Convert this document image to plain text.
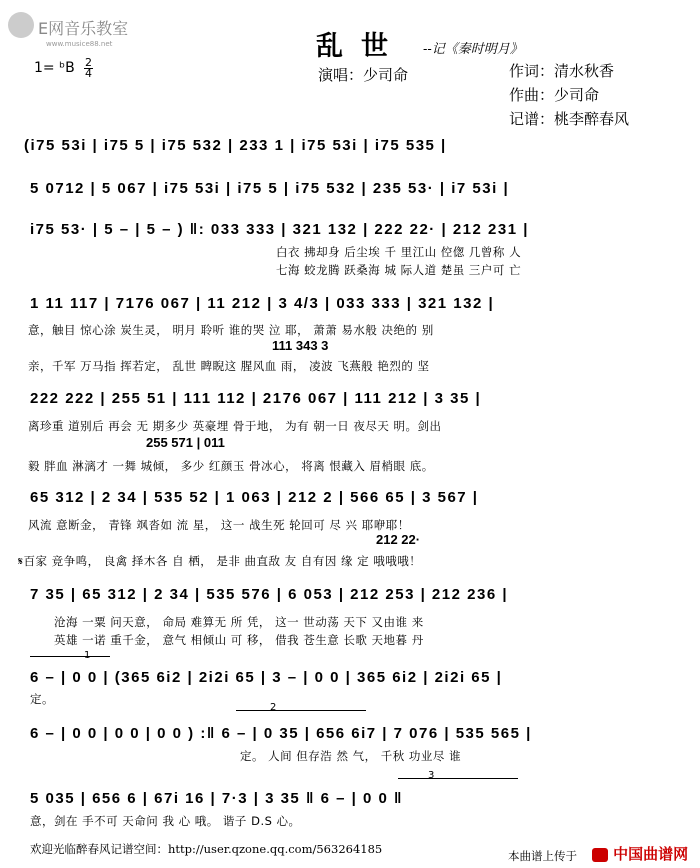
E网音乐教室
www.musice88.net	乱世 --记《秦时明月》
1= ᵇB 2
4	演唱：少司命	作词：清水秋香
作曲：少司命
记谱：桃李醉春风
(i75 53i | i75 5 | i75 532 | 233 1 | i75 53i | i75 535 |
5 0712 | 5 067 | i75 53i | i75 5 | i75 532 | 235 53· | i7 53i |
i75 53· | 5 – | 5 – ) ‖: 033 333 | 321 132 | 222 22· | 212 231 |
白衣 拂却身 后尘埃 千 里江山 倥偬 几曾称 人
七海 蛟龙腾 跃桑海 城 际人道 楚虽 三户可 亡
1 11 117 | 7176 067 | 11 212 | 3 4/3 | 033 333 | 321 132 |
意，触目 惊心涂 炭生灵， 明月 聆听 谁的哭 泣 耶， 萧萧 易水般 决绝的 别
111 343 3
亲，千军 万马指 挥若定， 乱世 睥睨这 腥风血 雨， 凌波 飞燕般 艳烈的 坚
222 222 | 255 51 | 111 112 | 2176 067 | 111 212 | 3 35 |
离珍重 道别后 再会 无 期多少 英豪埋 骨于地， 为有 朝一日 夜尽天 明。剑出
255 571 | 011
毅 胖血 淋漓才 一舞 城倾， 多少 红颜玉 骨冰心， 将离 恨藏入 眉梢眼 底。
65 312 | 2 34 | 535 52 | 1 063 | 212 2 | 566 65 | 3 567 |
风流 意断金， 青锋 飒沓如 流 星， 这一 战生死 轮回可 尽 兴 耶咿耶！
212 22·
𝄋百家 竞争鸣， 良禽 择木各 自 栖， 是非 曲直敌 友 自有因 缘 定 哦哦哦！
7 35 | 65 312 | 2 34 | 535 576 | 6 053 | 212 253 | 212 236 |
沧海 一粟 问天意， 命局 难算无 所 凭， 这一 世动荡 天下 又由谁 来
英雄 一诺 重千金， 意气 相倾山 可 移， 借我 苍生意 长歌 天地暮 丹
1
6 – | 0 0 | (365 6i2 | 2i2i 65 | 3 – | 0 0 | 365 6i2 | 2i2i 65 |
定。
2
6 – | 0 0 | 0 0 | 0 0 ) :‖ 6 – | 0 35 | 656 6i7 | 7 076 | 535 565 |
定。 人间 但存浩 然 气， 千秋 功业尽 谁
3
5 035 | 656 6 | 67i 16 | 7·3 | 3 35 ‖ 6 – | 0 0 ‖
意，剑在 手不可 天命问 我 心 哦。 谐子 D.S 心。
欢迎光临醉春风记谱空间：http://user.qzone.qq.com/563264185	本曲谱上传于	中国曲谱网
